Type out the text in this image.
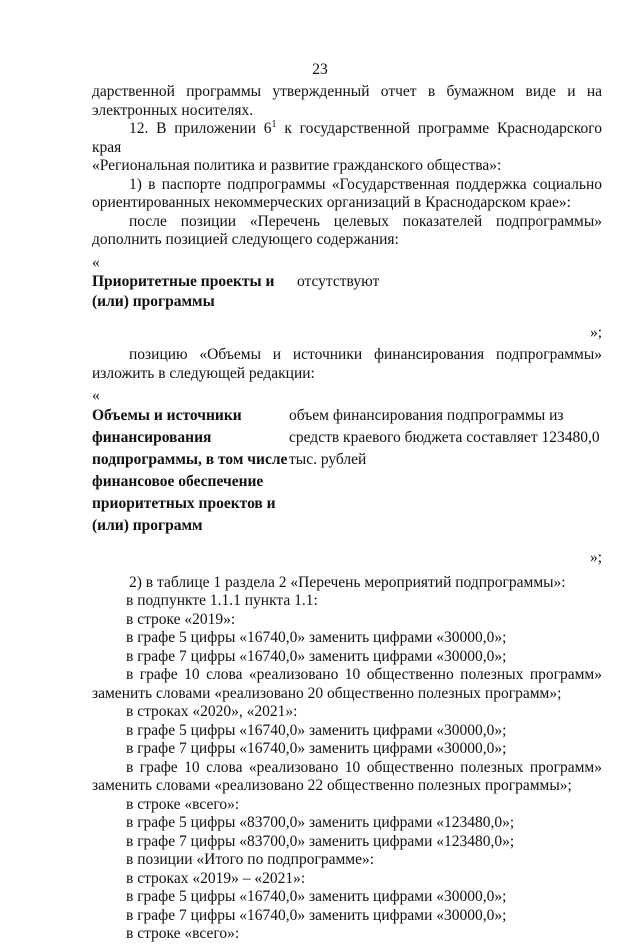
23

дарственной программы утвержденный отчет в бумажном виде и на электронных носителях.

12. В приложении $6^1$ к государственной программе Краснодарского края

«Региональная политика и развитие гражданского общества»:

1) в паспорте подпрограммы «Государственная поддержка социально ориентированных некоммерческих организаций в Краснодарском крае»:

после позиции «Перечень целевых показателей подпрограммы» дополнить позицией следующего содержания:

«
Приоритетные проекты и (или) программы
отсутствуют
»;

позицию «Объемы и источники финансирования подпрограммы» изложить в следующей редакции:

«
Объемы и источники финансирования подпрограммы, в том числе финансовое обеспечение приоритетных проектов и (или) программ
объем финансирования подпрограммы из средств краевого бюджета составляет 123480,0 тыс. рублей
»;

2) в таблице 1 раздела 2 «Перечень мероприятий подпрограммы»:

в подпункте 1.1.1 пункта 1.1:

в строке «2019»:

в графе 5 цифры «16740,0» заменить цифрами «30000,0»;

в графе 7 цифры «16740,0» заменить цифрами «30000,0»;

в графе 10 слова «реализовано 10 общественно полезных программ» заменить словами «реализовано 20 общественно полезных программ»;

в строках «2020», «2021»:

в графе 5 цифры «16740,0» заменить цифрами «30000,0»;

в графе 7 цифры «16740,0» заменить цифрами «30000,0»;

в графе 10 слова «реализовано 10 общественно полезных программ» заменить словами «реализовано 22 общественно полезных программы»;

в строке «всего»:

в графе 5 цифры «83700,0» заменить цифрами «123480,0»;

в графе 7 цифры «83700,0» заменить цифрами «123480,0»;

в позиции «Итого по подпрограмме»:

в строках «2019» – «2021»:

в графе 5 цифры «16740,0» заменить цифрами «30000,0»;

в графе 7 цифры «16740,0» заменить цифрами «30000,0»;

в строке «всего»:
